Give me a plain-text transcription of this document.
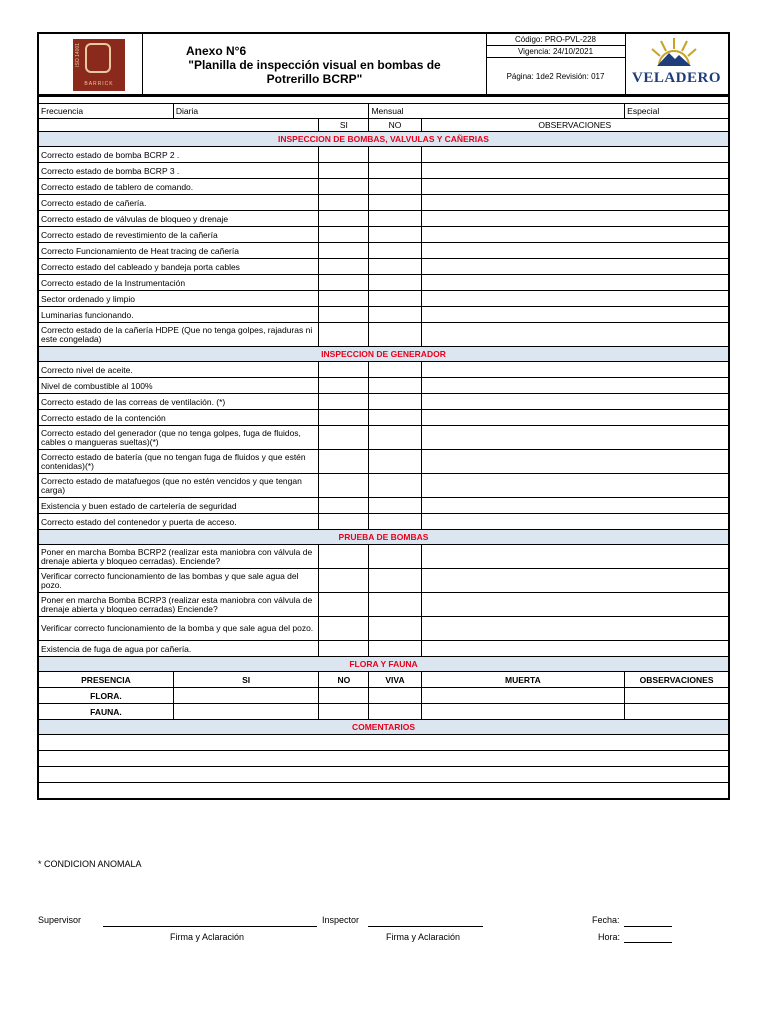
ISO 14001
BARRICK
Anexo N°6
"Planilla de inspección visual en bombas de Potrerillo BCRP"
Código: PRO-PVL-228
Vigencia: 24/10/2021
Página: 1de2 Revisión: 017	VELADERO

Frecuencia	Diaria		Mensual		Especial
		SI	NO	OBSERVACIONES	
INSPECCION DE BOMBAS, VALVULAS Y CAÑERIAS					
Correcto estado de bomba BCRP 2 .					
Correcto estado de bomba BCRP 3 .					
Correcto estado de tablero de comando.					
Correcto estado de cañería.					
Correcto estado de válvulas de bloqueo y drenaje					
Correcto estado de revestimiento de la cañería					
Correcto Funcionamiento de Heat tracing de cañería					
Correcto estado del cableado y bandeja porta cables					
Correcto estado de la Instrumentación					
Sector ordenado y limpio					
Luminarias funcionando.					
Correcto estado de la cañería HDPE (Que no tenga golpes, rajaduras ni este congelada)					
INSPECCION DE GENERADOR					
Correcto nivel de aceite.					
Nivel de combustible al 100%					
Correcto estado de las correas de ventilación. (*)					
Correcto estado de la contención					
Correcto estado del generador (que no tenga golpes, fuga de fluidos, cables o mangueras sueltas)(*)					
Correcto estado de batería (que no tengan fuga de fluidos y que estén contenidas)(*)					
Correcto estado de matafuegos (que no estén vencidos y que tengan carga)					
Existencia y buen estado de cartelería de seguridad					
Correcto estado del contenedor y puerta de acceso.					
PRUEBA DE BOMBAS					
Poner en marcha Bomba BCRP2 (realizar esta maniobra con válvula de drenaje abierta y bloqueo cerradas). Enciende?					
Verificar correcto funcionamiento de las bombas y que sale agua del pozo.					
Poner en marcha Bomba BCRP3 (realizar esta maniobra con válvula de drenaje abierta y bloqueo cerradas) Enciende?					
Verificar correcto funcionamiento de la bomba y que sale agua del pozo.					
Existencia de fuga de agua por cañería.					
FLORA Y FAUNA					
PRESENCIA	SI	NO	VIVA	MUERTA	OBSERVACIONES
FLORA.					
FAUNA.					
COMENTARIOS					

* CONDICION ANOMALA
Supervisor
Firma y Aclaración
Inspector
Firma y Aclaración
Fecha:
Hora:
